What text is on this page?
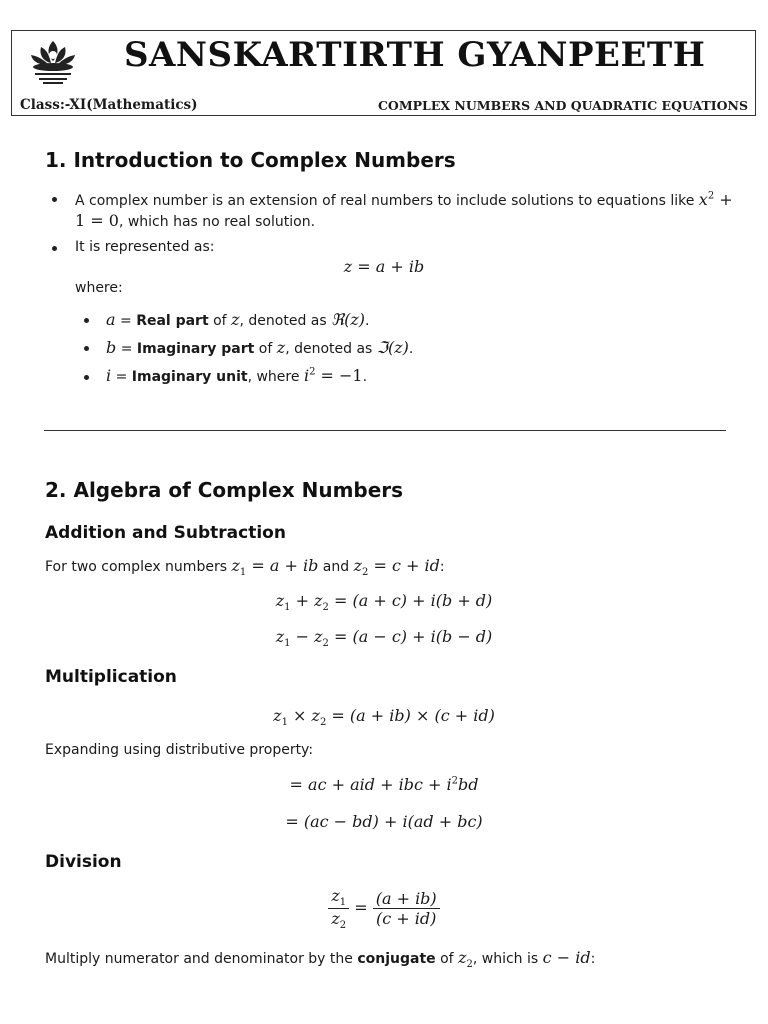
SANSKARTIRTH GYANPEETH
Class:-XI(Mathematics)	COMPLEX NUMBERS AND QUADRATIC EQUATIONS
1. Introduction to Complex Numbers
A complex number is an extension of real numbers to include solutions to equations like $x^2$ +
1 = 0, which has no real solution.
It is represented as:
z = a + ib
where:
a = Real part of z, denoted as ℜ(z).
b = Imaginary part of z, denoted as ℑ(z).
i = Imaginary unit, where $i^2 = -1$.
2. Algebra of Complex Numbers
Addition and Subtraction
For two complex numbers $z_1 = a$ + ib and $z_2 = c$ + id:
$z_1 + z_2 = (a + c) + i(b + d)$
$z_1 - z_2 = (a - c) + i(b - d)$
Multiplication
$z_1 \times z_2 = (a + ib) \times (c + id)$
Expanding using distributive property:
= ac + aid + ibc + $i^2bd$
= (ac − bd) + i(ad + bc)
Division
$\frac{z_1}{z_2} = \frac{(a + ib)}{(c + id)}$
Multiply numerator and denominator by the conjugate of $z_2$, which is c − id:
